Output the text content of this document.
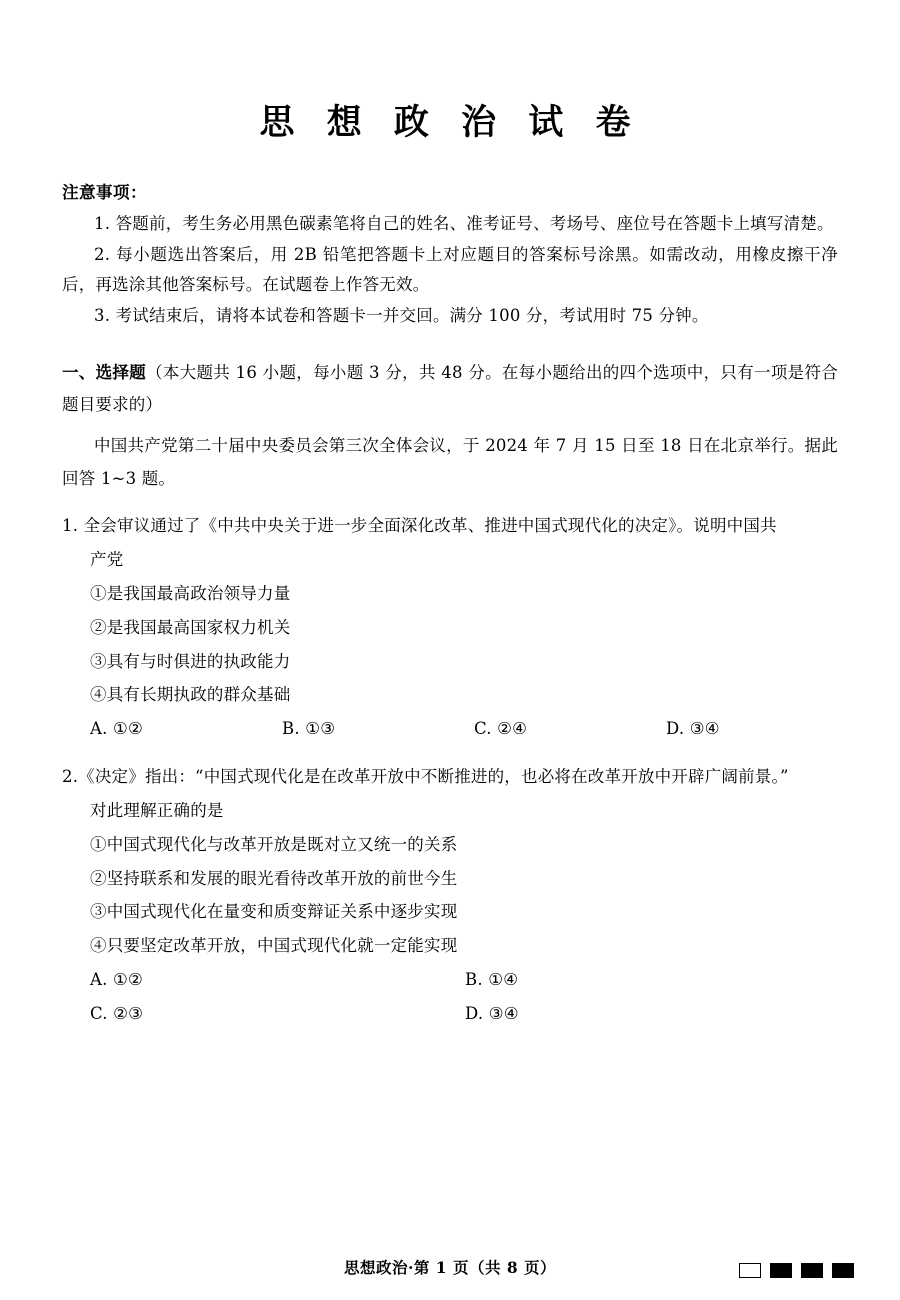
思 想 政 治 试 卷
注意事项：

1. 答题前，考生务必用黑色碳素笔将自己的姓名、准考证号、考场号、座位号在答题卡上填写清楚。

2. 每小题选出答案后，用 2B 铅笔把答题卡上对应题目的答案标号涂黑。如需改动，用橡皮擦干净后，再选涂其他答案标号。在试题卷上作答无效。

3. 考试结束后，请将本试卷和答题卡一并交回。满分 100 分，考试用时 75 分钟。

一、选择题（本大题共 16 小题，每小题 3 分，共 48 分。在每小题给出的四个选项中，只有一项是符合题目要求的）

中国共产党第二十届中央委员会第三次全体会议，于 2024 年 7 月 15 日至 18 日在北京举行。据此回答 1~3 题。

1. 全会审议通过了《中共中央关于进一步全面深化改革、推进中国式现代化的决定》。说明中国共

产党

①是我国最高政治领导力量

②是我国最高国家权力机关

③具有与时俱进的执政能力

④具有长期执政的群众基础

A. ①②	B. ①③	C. ②④	D. ③④

2.《决定》指出：“中国式现代化是在改革开放中不断推进的，也必将在改革开放中开辟广阔前景。”

对此理解正确的是

①中国式现代化与改革开放是既对立又统一的关系

②坚持联系和发展的眼光看待改革开放的前世今生

③中国式现代化在量变和质变辩证关系中逐步实现

④只要坚定改革开放，中国式现代化就一定能实现

A. ①②	B. ①④
C. ②③	D. ③④
思想政治·第 1 页（共 8 页）
